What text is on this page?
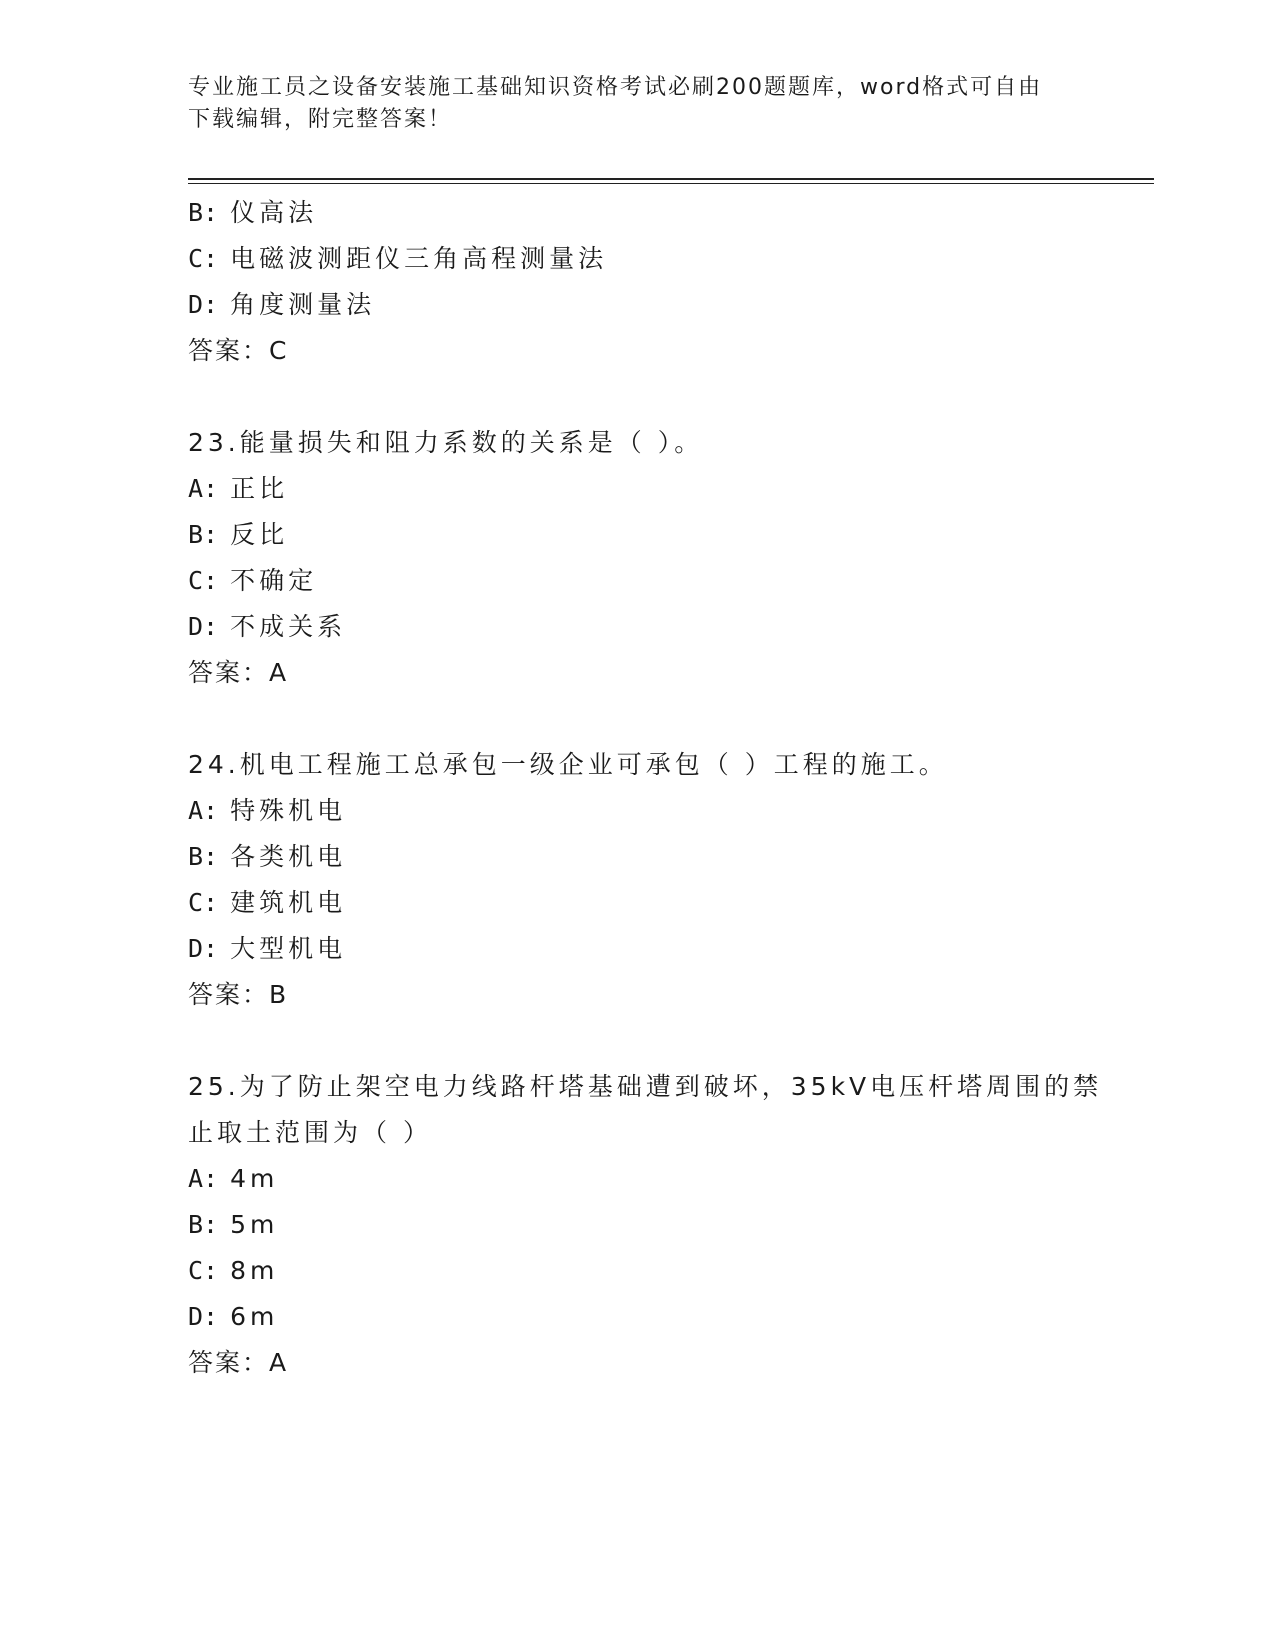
专业施工员之设备安装施工基础知识资格考试必刷200题题库，word格式可自由
下载编辑，附完整答案！
B: 仪高法
C: 电磁波测距仪三角高程测量法
D: 角度测量法
答案：C
23.能量损失和阻力系数的关系是（ ）。
A: 正比
B: 反比
C: 不确定
D: 不成关系
答案：A
24.机电工程施工总承包一级企业可承包（ ）工程的施工。
A: 特殊机电
B: 各类机电
C: 建筑机电
D: 大型机电
答案：B
25.为了防止架空电力线路杆塔基础遭到破坏，35kV电压杆塔周围的禁
止取土范围为（ ）
A: 4m
B: 5m
C: 8m
D: 6m
答案：A
